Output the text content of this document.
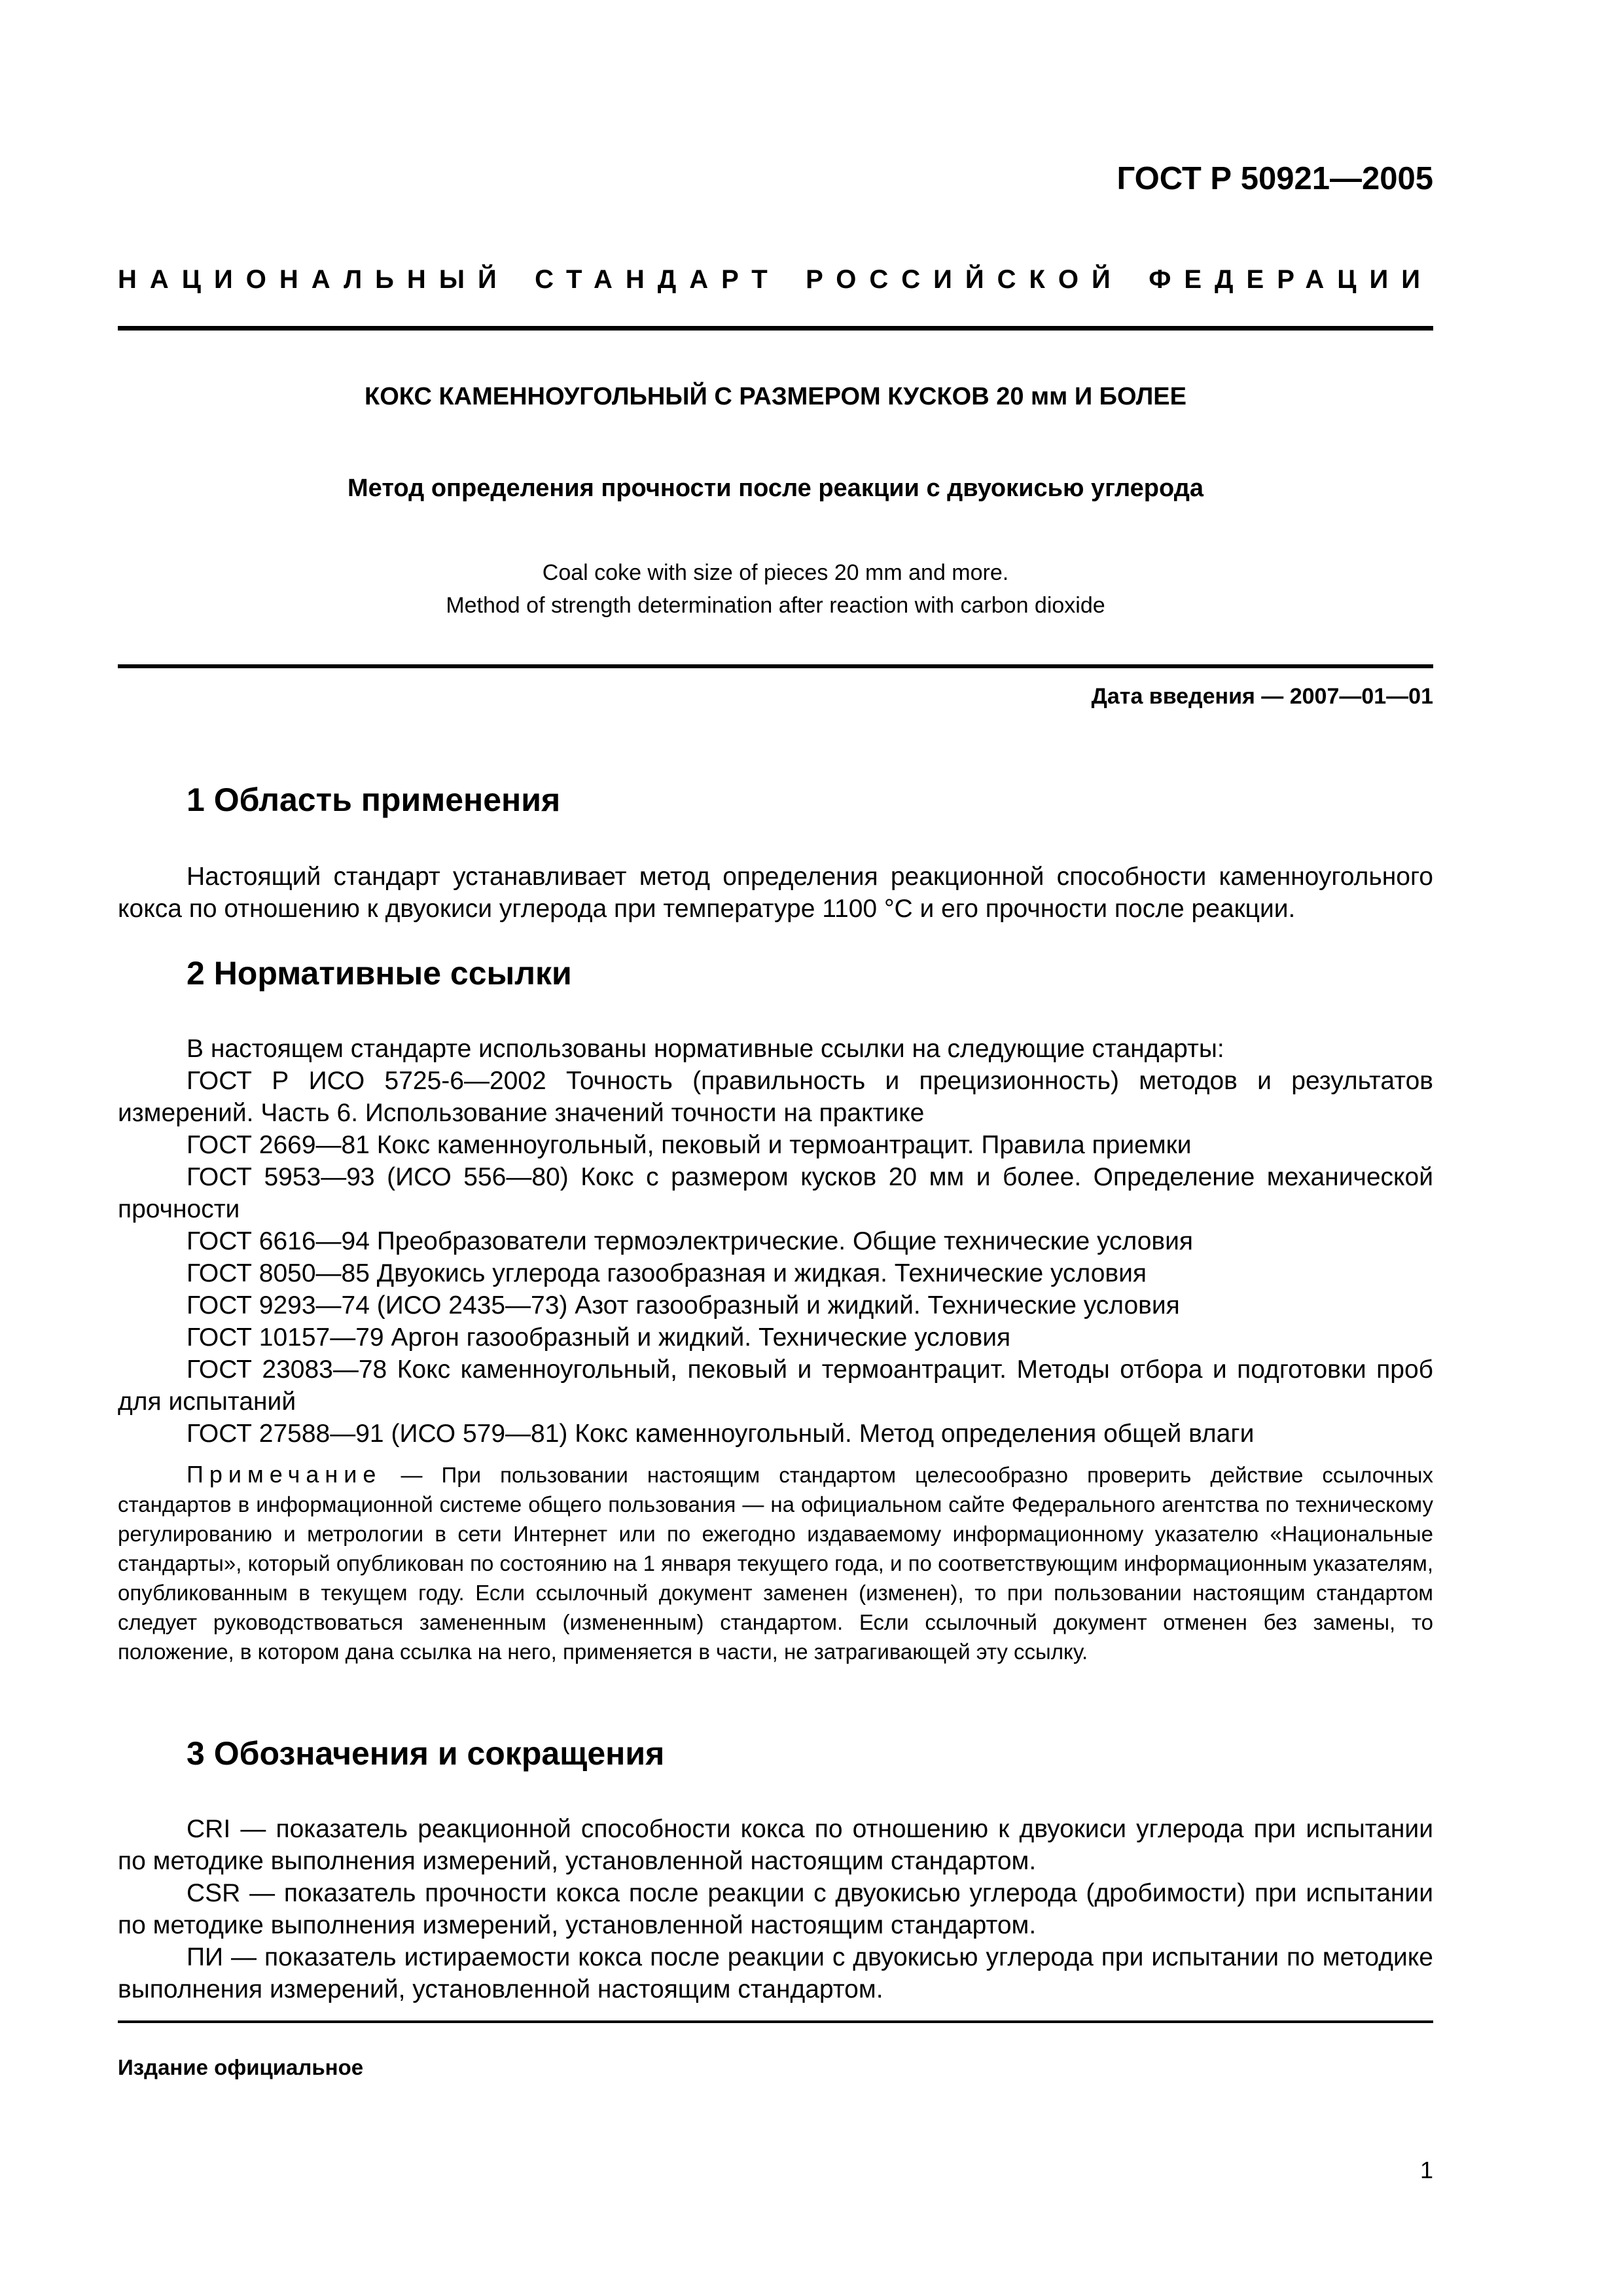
ГОСТ Р 50921—2005
НАЦИОНАЛЬНЫЙ СТАНДАРТ РОССИЙСКОЙ ФЕДЕРАЦИИ
КОКС КАМЕННОУГОЛЬНЫЙ С РАЗМЕРОМ КУСКОВ 20 мм И БОЛЕЕ
Метод определения прочности после реакции с двуокисью углерода
Coal coke with size of pieces 20 mm and more.
Method of strength determination after reaction with carbon dioxide
Дата введения — 2007—01—01
1 Область применения

Настоящий стандарт устанавливает метод определения реакционной способности каменноугольного кокса по отношению к двуокиси углерода при температуре 1100 °С и его прочности после реакции.

2 Нормативные ссылки

В настоящем стандарте использованы нормативные ссылки на следующие стандарты:

ГОСТ Р ИСО 5725-6—2002 Точность (правильность и прецизионность) методов и результатов измерений. Часть 6. Использование значений точности на практике

ГОСТ 2669—81 Кокс каменноугольный, пековый и термоантрацит. Правила приемки

ГОСТ 5953—93 (ИСО 556—80) Кокс с размером кусков 20 мм и более. Определение механической прочности

ГОСТ 6616—94 Преобразователи термоэлектрические. Общие технические условия

ГОСТ 8050—85 Двуокись углерода газообразная и жидкая. Технические условия

ГОСТ 9293—74 (ИСО 2435—73) Азот газообразный и жидкий. Технические условия

ГОСТ 10157—79 Аргон газообразный и жидкий. Технические условия

ГОСТ 23083—78 Кокс каменноугольный, пековый и термоантрацит. Методы отбора и подготовки проб для испытаний

ГОСТ 27588—91 (ИСО 579—81) Кокс каменноугольный. Метод определения общей влаги

Примечание — При пользовании настоящим стандартом целесообразно проверить действие ссылочных стандартов в информационной системе общего пользования — на официальном сайте Федерального агентства по техническому регулированию и метрологии в сети Интернет или по ежегодно издаваемому информационному указателю «Национальные стандарты», который опубликован по состоянию на 1 января текущего года, и по соответствующим информационным указателям, опубликованным в текущем году. Если ссылочный документ заменен (изменен), то при пользовании настоящим стандартом следует руководствоваться замененным (измененным) стандартом. Если ссылочный документ отменен без замены, то положение, в котором дана ссылка на него, применяется в части, не затрагивающей эту ссылку.
3 Обозначения и сокращения

CRI — показатель реакционной способности кокса по отношению к двуокиси углерода при испытании по методике выполнения измерений, установленной настоящим стандартом.

CSR — показатель прочности кокса после реакции с двуокисью углерода (дробимости) при испытании по методике выполнения измерений, установленной настоящим стандартом.

ПИ — показатель истираемости кокса после реакции с двуокисью углерода при испытании по методике выполнения измерений, установленной настоящим стандартом.

Издание официальное
1
